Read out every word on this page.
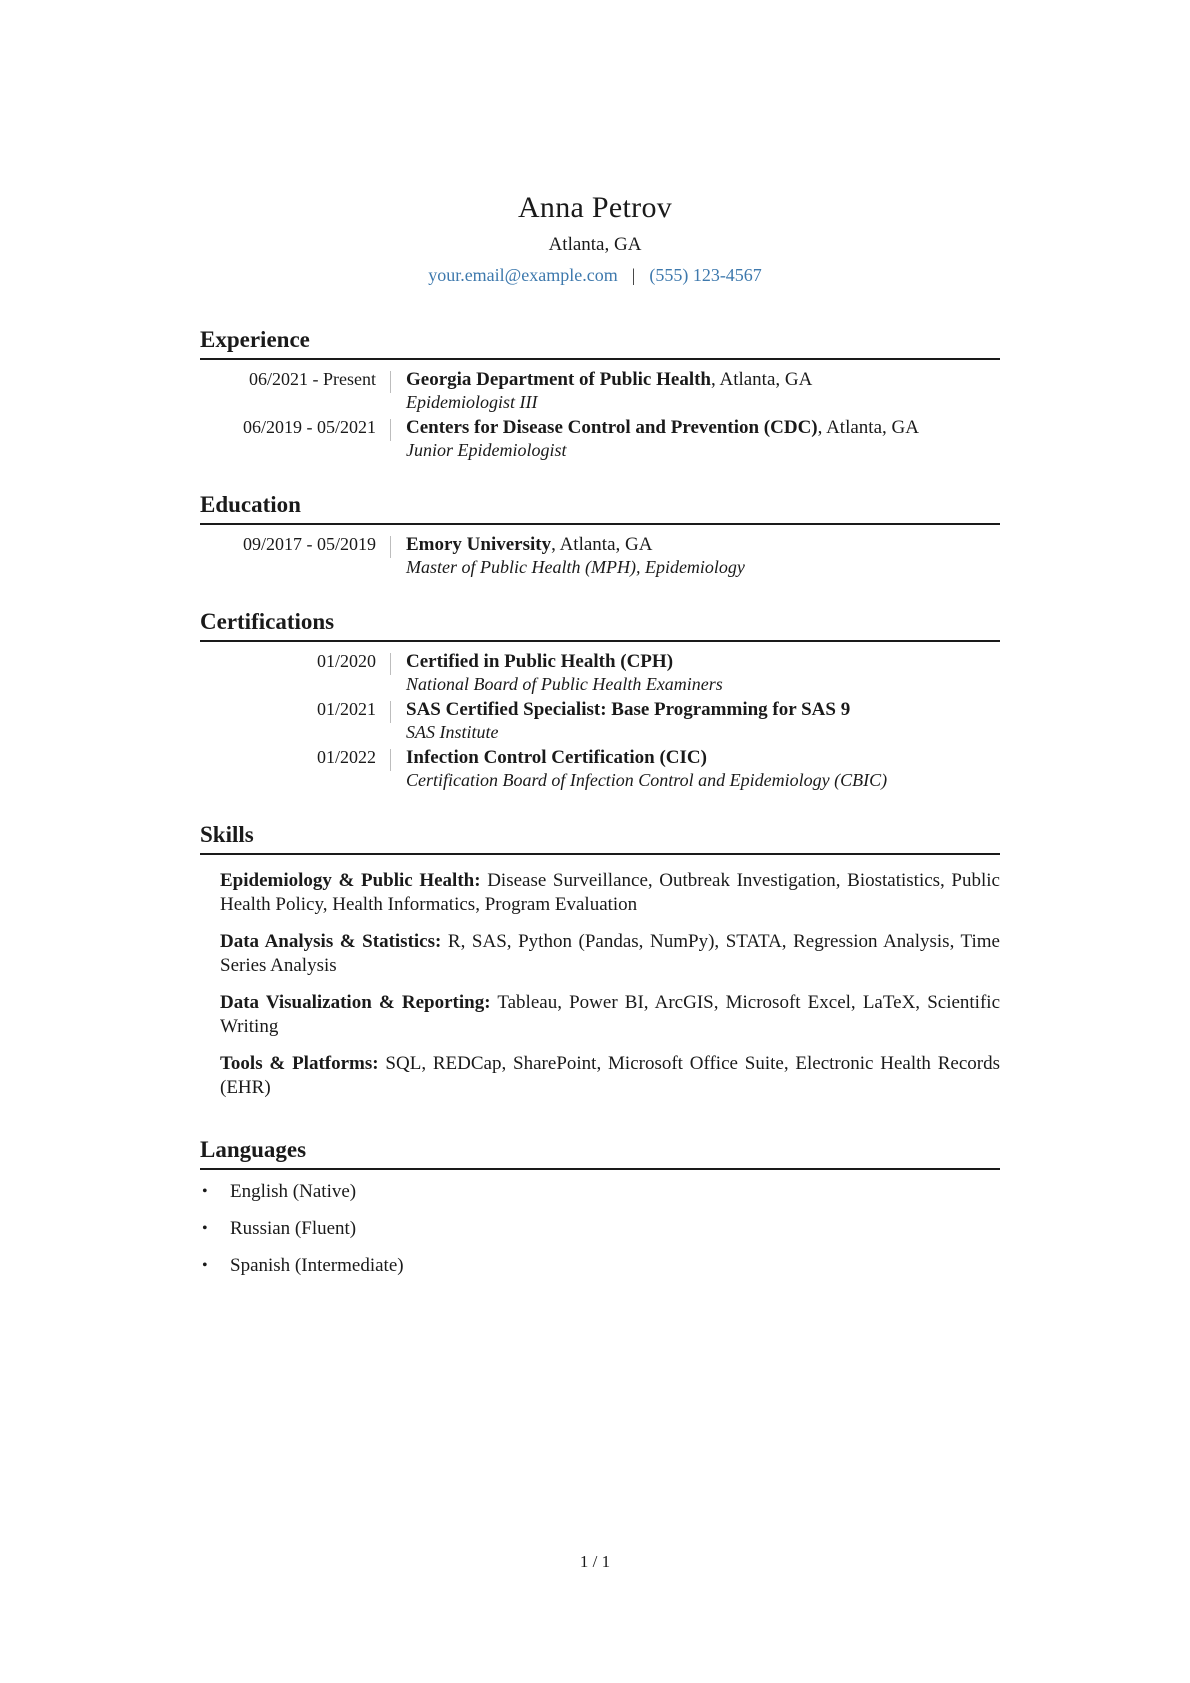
Anna Petrov
Atlanta, GA
your.email@example.com | (555) 123-4567
Experience
06/2021 - Present	Georgia Department of Public Health, Atlanta, GA
Epidemiologist III
06/2019 - 05/2021	Centers for Disease Control and Prevention (CDC), Atlanta, GA
Junior Epidemiologist
Education
09/2017 - 05/2019	Emory University, Atlanta, GA
Master of Public Health (MPH), Epidemiology
Certifications
01/2020	Certified in Public Health (CPH)
National Board of Public Health Examiners
01/2021	SAS Certified Specialist: Base Programming for SAS 9
SAS Institute
01/2022	Infection Control Certification (CIC)
Certification Board of Infection Control and Epidemiology (CBIC)
Skills
Epidemiology & Public Health: Disease Surveillance, Outbreak Investigation, Biostatistics, Public Health Policy, Health Informatics, Program Evaluation
Data Analysis & Statistics: R, SAS, Python (Pandas, NumPy), STATA, Regression Analysis, Time Series Analysis
Data Visualization & Reporting: Tableau, Power BI, ArcGIS, Microsoft Excel, LaTeX, Scientific Writing
Tools & Platforms: SQL, REDCap, SharePoint, Microsoft Office Suite, Electronic Health Records (EHR)
Languages
• English (Native)
• Russian (Fluent)
• Spanish (Intermediate)
1 / 1
